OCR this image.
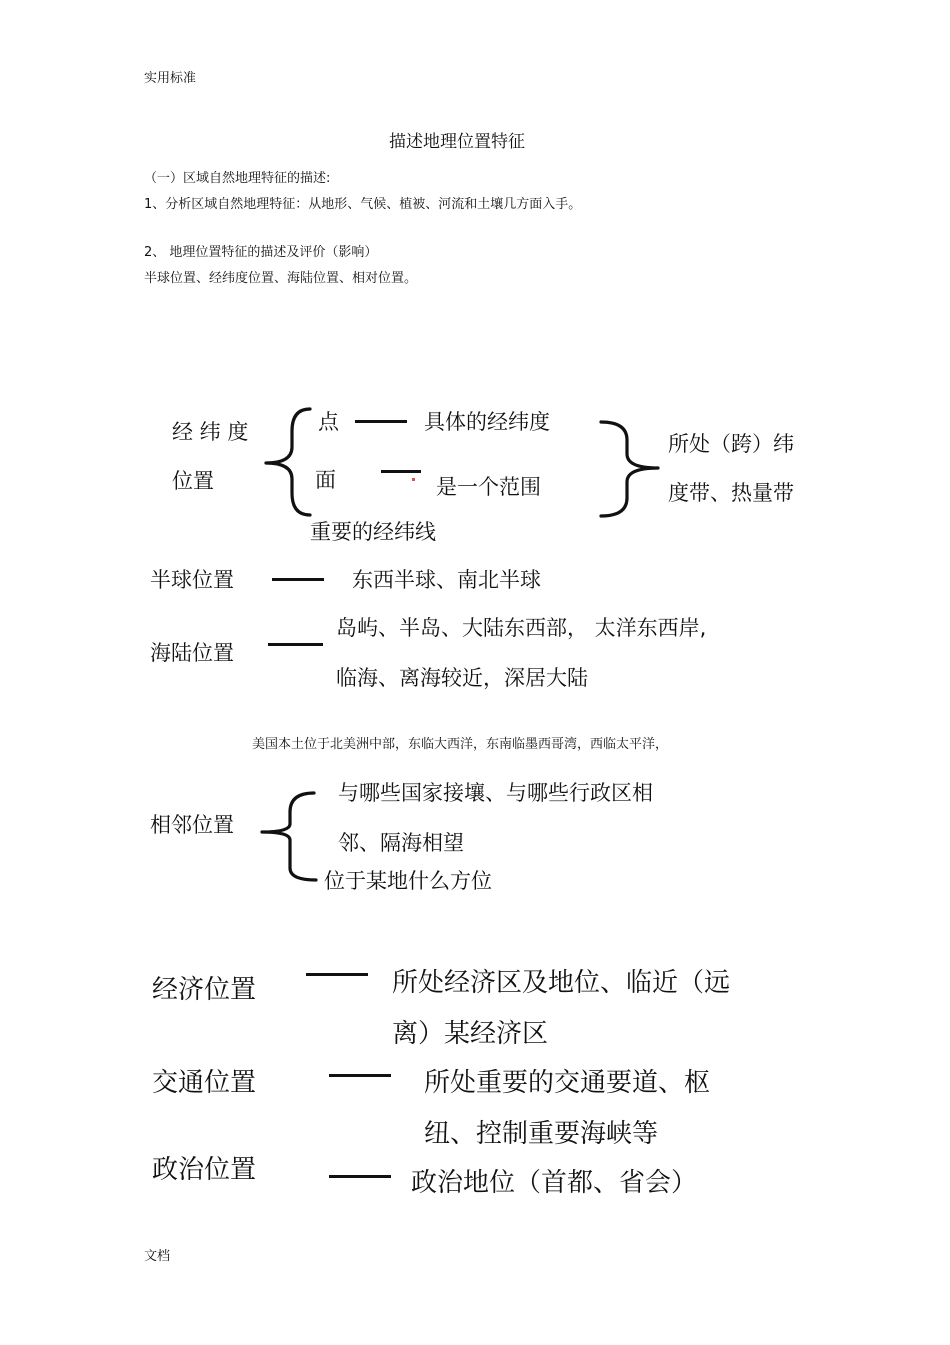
实用标准
文档
描述地理位置特征
（一）区域自然地理特征的描述:
1、分析区域自然地理特征：从地形、气候、植被、河流和土壤几方面入手。
2、 地理位置特征的描述及评价（影响）
半球位置、经纬度位置、海陆位置、相对位置。
经 纬 度
位置
点	具体的经纬度
面	是一个范围
所处（跨）纬
度带、热量带
重要的经纬线
半球位置	东西半球、南北半球
海陆位置
岛屿、半岛、大陆东西部， 太洋东西岸,
临海、离海较近，深居大陆
美国本土位于北美洲中部，东临大西洋，东南临墨西哥湾，西临太平洋，
相邻位置
与哪些国家接壤、与哪些行政区相
邻、隔海相望
位于某地什么方位
经济位置	所处经济区及地位、临近（远
离）某经济区
交通位置	所处重要的交通要道、枢
纽、控制重要海峡等
政治位置	政治地位（首都、省会）
